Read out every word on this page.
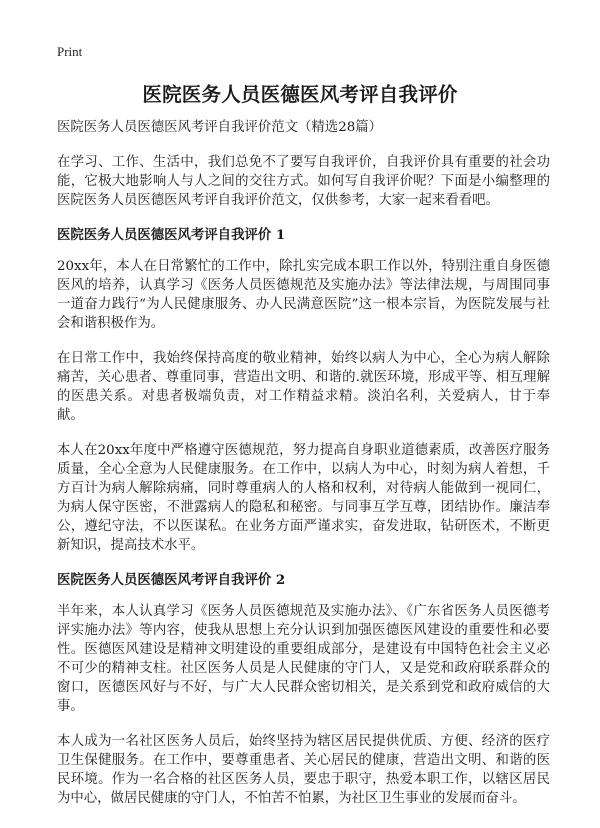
Print
医院医务人员医德医风考评自我评价
医院医务人员医德医风考评自我评价范文（精选28篇）

在学习、工作、生活中，我们总免不了要写自我评价，自我评价具有重要的社会功能，它极大地影响人与人之间的交往方式。如何写自我评价呢？下面是小编整理的医院医务人员医德医风考评自我评价范文，仅供参考，大家一起来看看吧。

医院医务人员医德医风考评自我评价 1

20xx年，本人在日常繁忙的工作中，除扎实完成本职工作以外，特别注重自身医德医风的培养，认真学习《医务人员医德规范及实施办法》等法律法规，与周围同事一道奋力践行“为人民健康服务、办人民满意医院”这一根本宗旨，为医院发展与社会和谐积极作为。

在日常工作中，我始终保持高度的敬业精神，始终以病人为中心，全心为病人解除痛苦，关心患者、尊重同事，营造出文明、和谐的.就医环境，形成平等、相互理解的医患关系。对患者极端负责，对工作精益求精。淡泊名利，关爱病人，甘于奉献。

本人在20xx年度中严格遵守医德规范，努力提高自身职业道德素质，改善医疗服务质量，全心全意为人民健康服务。在工作中，以病人为中心，时刻为病人着想，千方百计为病人解除病痛，同时尊重病人的人格和权利，对待病人能做到一视同仁，为病人保守医密，不泄露病人的隐私和秘密。与同事互学互尊，团结协作。廉洁奉公，遵纪守法，不以医谋私。在业务方面严谨求实，奋发进取，钻研医术，不断更新知识，提高技术水平。

医院医务人员医德医风考评自我评价 2

半年来，本人认真学习《医务人员医德规范及实施办法》、《广东省医务人员医德考评实施办法》等内容，使我从思想上充分认识到加强医德医风建设的重要性和必要性。医德医风建设是精神文明建设的重要组成部分，是建设有中国特色社会主义必不可少的精神支柱。社区医务人员是人民健康的守门人，又是党和政府联系群众的窗口，医德医风好与不好，与广大人民群众密切相关，是关系到党和政府威信的大事。

本人成为一名社区医务人员后，始终坚持为辖区居民提供优质、方便、经济的医疗卫生保健服务。在工作中，要尊重患者、关心居民的健康，营造出文明、和谐的医民环境。作为一名合格的社区医务人员，要忠于职守，热爱本职工作，以辖区居民为中心，做居民健康的守门人，不怕苦不怕累，为社区卫生事业的发展而奋斗。
